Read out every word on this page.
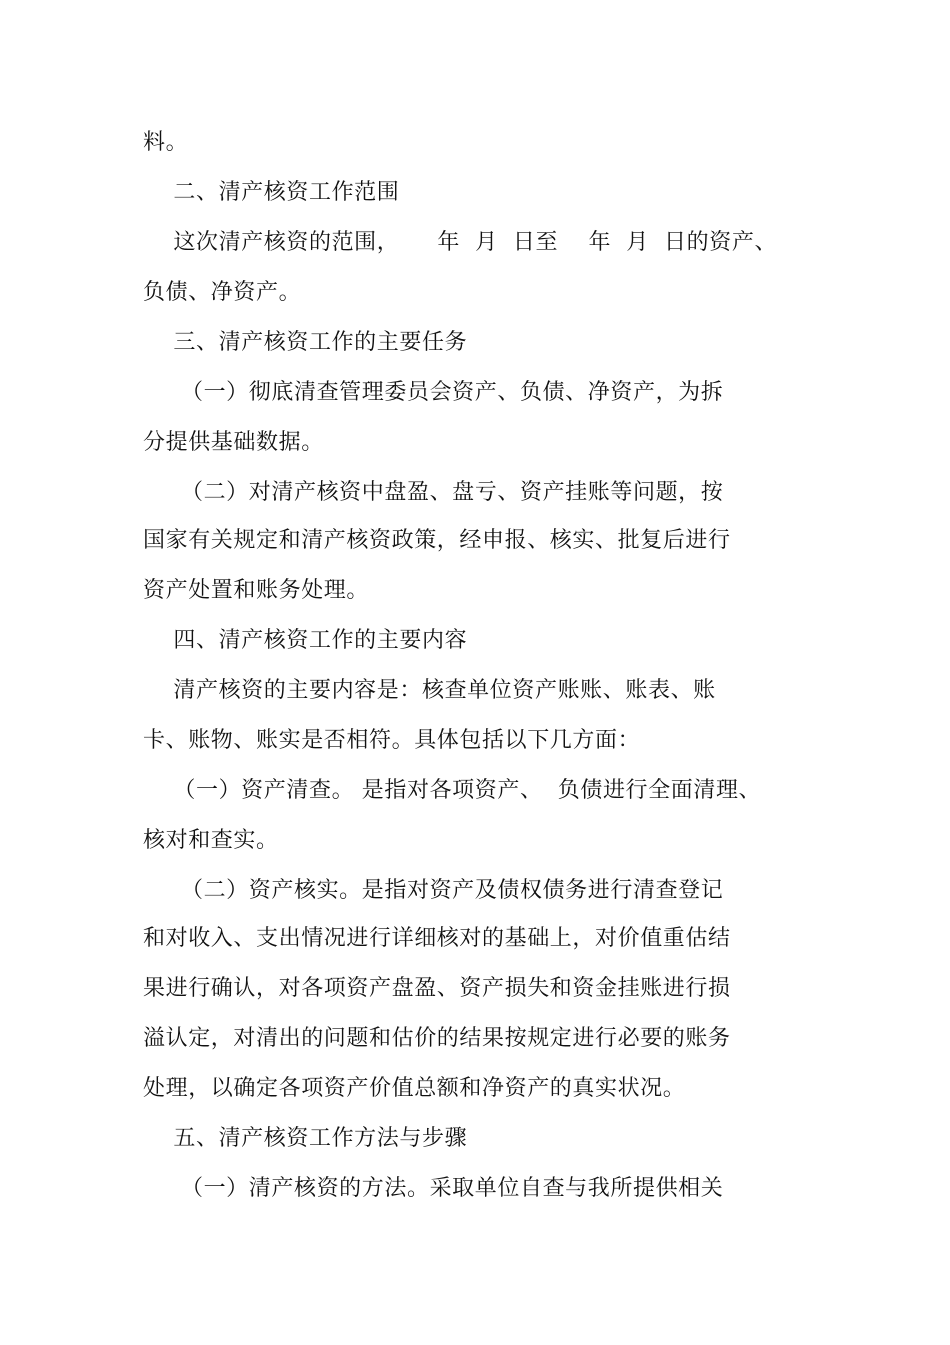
料。
二、清产核资工作范围
这次清产核资的范围，     年  月  日至    年  月  日的资产、
负债、净资产。
三、清产核资工作的主要任务
（一）彻底清查管理委员会资产、负债、净资产，为拆
分提供基础数据。
（二）对清产核资中盘盈、盘亏、资产挂账等问题，按
国家有关规定和清产核资政策，经申报、核实、批复后进行
资产处置和账务处理。
四、清产核资工作的主要内容
清产核资的主要内容是：核查单位资产账账、账表、账
卡、账物、账实是否相符。具体包括以下几方面：
（一）资产清查。 是指对各项资产、  负债进行全面清理、
核对和查实。
（二）资产核实。是指对资产及债权债务进行清查登记
和对收入、支出情况进行详细核对的基础上，对价值重估结
果进行确认，对各项资产盘盈、资产损失和资金挂账进行损
溢认定，对清出的问题和估价的结果按规定进行必要的账务
处理，以确定各项资产价值总额和净资产的真实状况。
五、清产核资工作方法与步骤
（一）清产核资的方法。采取单位自查与我所提供相关
